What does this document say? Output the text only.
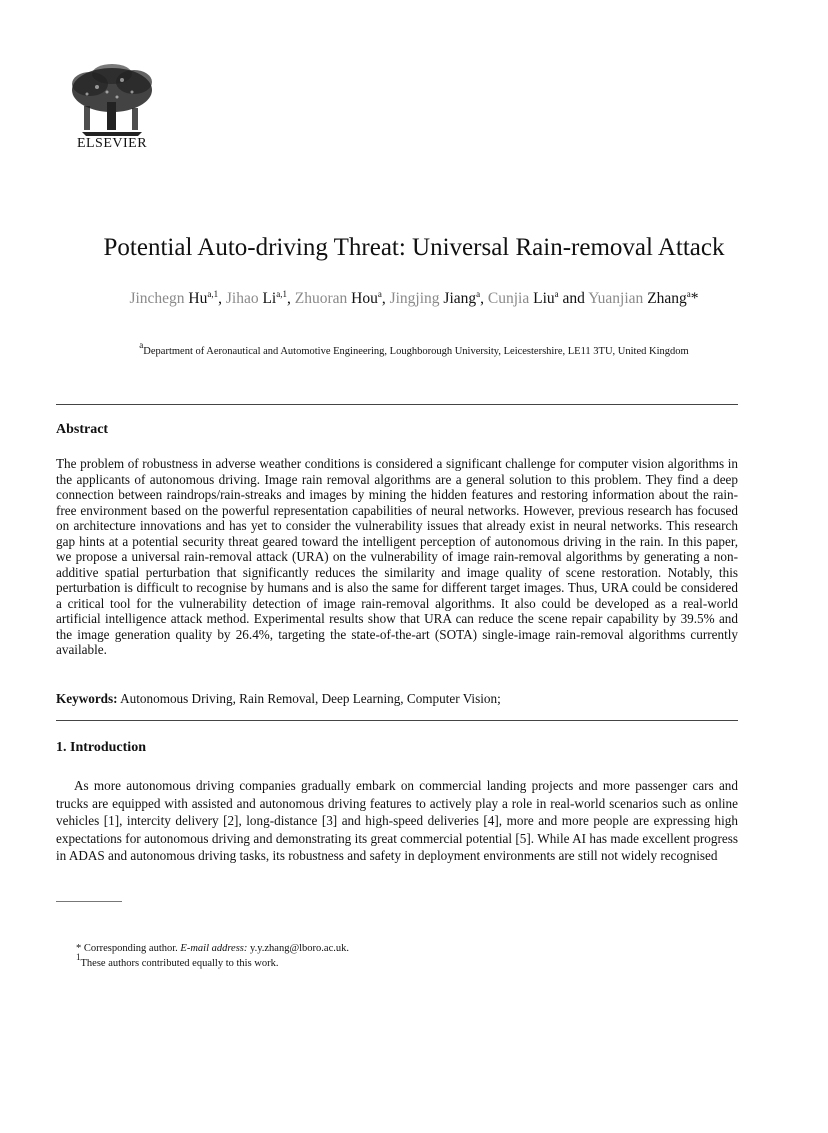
ELSEVIER
Potential Auto-driving Threat: Universal Rain-removal Attack
Jinchegn Hu$^{a,1}$, Jihao Li$^{a,1}$, Zhuoran Hou$^a$, Jingjing Jiang$^a$, Cunjia Liu$^a$ and Yuanjian Zhang$^a$*
$^a$Department of Aeronautical and Automotive Engineering, Loughborough University, Leicestershire, LE11 3TU, United Kingdom
Abstract
The problem of robustness in adverse weather conditions is considered a significant challenge for computer vision algorithms in the applicants of autonomous driving. Image rain removal algorithms are a general solution to this problem. They find a deep connection between raindrops/rain-streaks and images by mining the hidden features and restoring information about the rain-free environment based on the powerful representation capabilities of neural networks. However, previous research has focused on architecture innovations and has yet to consider the vulnerability issues that already exist in neural networks. This research gap hints at a potential security threat geared toward the intelligent perception of autonomous driving in the rain. In this paper, we propose a universal rain-removal attack (URA) on the vulnerability of image rain-removal algorithms by generating a non-additive spatial perturbation that significantly reduces the similarity and image quality of scene restoration. Notably, this perturbation is difficult to recognise by humans and is also the same for different target images. Thus, URA could be considered a critical tool for the vulnerability detection of image rain-removal algorithms. It also could be developed as a real-world artificial intelligence attack method. Experimental results show that URA can reduce the scene repair capability by 39.5% and the image generation quality by 26.4%, targeting the state-of-the-art (SOTA) single-image rain-removal algorithms currently available.
Keywords: Autonomous Driving, Rain Removal, Deep Learning, Computer Vision;
1. Introduction
As more autonomous driving companies gradually embark on commercial landing projects and more passenger cars and trucks are equipped with assisted and autonomous driving features to actively play a role in real-world scenarios such as online vehicles [1], intercity delivery [2], long-distance [3] and high-speed deliveries [4], more and more people are expressing high expectations for autonomous driving and demonstrating its great commercial potential [5]. While AI has made excellent progress in ADAS and autonomous driving tasks, its robustness and safety in deployment environments are still not widely recognised
* Corresponding author. E-mail address: y.y.zhang@lboro.ac.uk.
$^1$These authors contributed equally to this work.
